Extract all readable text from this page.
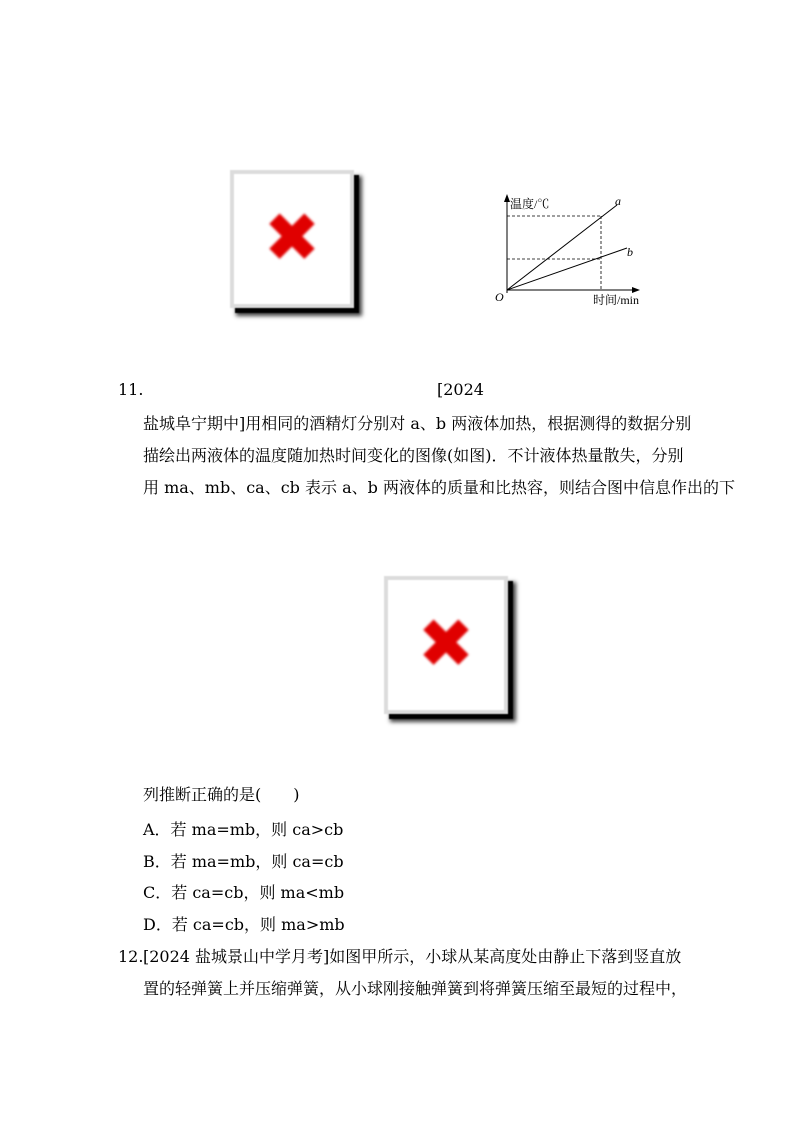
✖	温度/℃
时间/min
O
a
b
11.	[2024
盐城阜宁期中]用相同的酒精灯分别对 a、b 两液体加热，根据测得的数据分别
描绘出两液体的温度随加热时间变化的图像(如图)．不计液体热量散失，分别
用 ma、mb、ca、cb 表示 a、b 两液体的质量和比热容，则结合图中信息作出的下
✖
列推断正确的是(　　)
A．若 ma=mb，则 ca>cb
B．若 ma=mb，则 ca=cb
C．若 ca=cb，则 ma<mb
D．若 ca=cb，则 ma>mb
12. [2024 盐城景山中学月考]如图甲所示，小球从某高度处由静止下落到竖直放
置的轻弹簧上并压缩弹簧，从小球刚接触弹簧到将弹簧压缩至最短的过程中，
